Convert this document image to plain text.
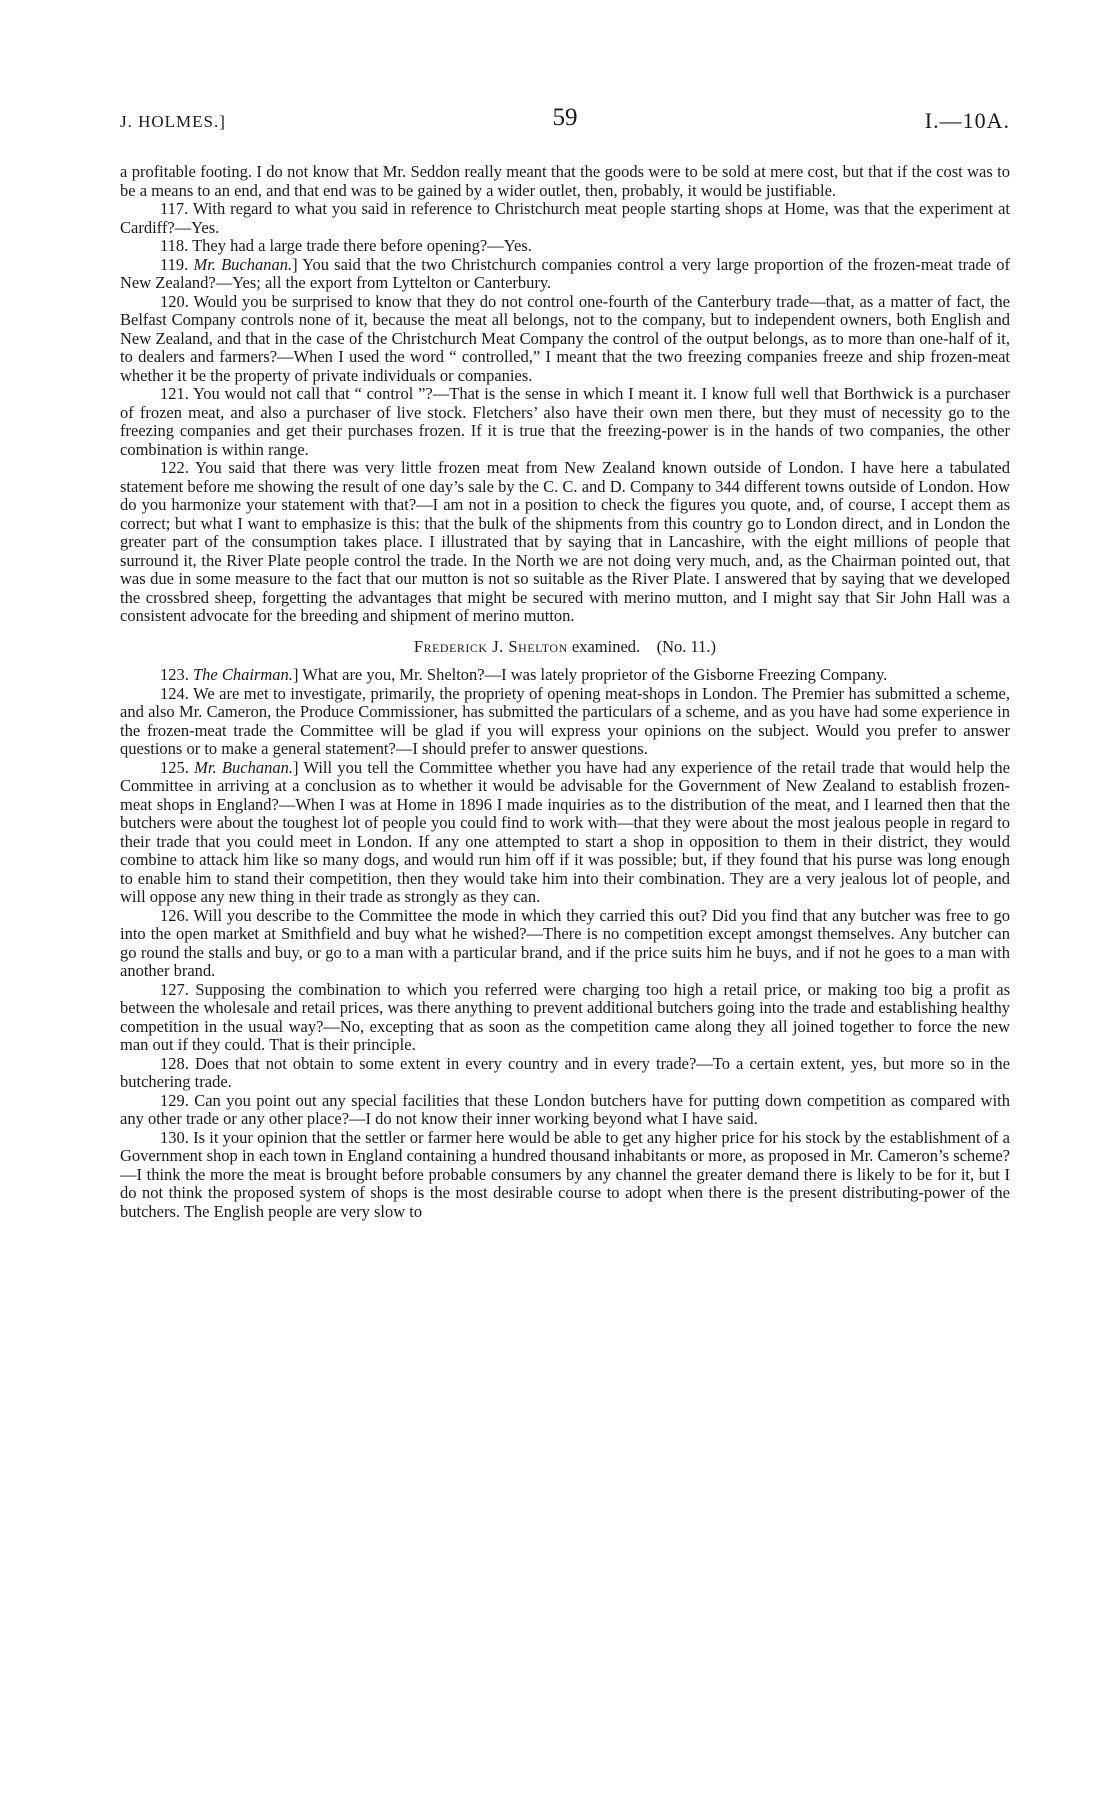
J. HOLMES.]	59	I.—10A.

a profitable footing. I do not know that Mr. Seddon really meant that the goods were to be sold at mere cost, but that if the cost was to be a means to an end, and that end was to be gained by a wider outlet, then, probably, it would be justifiable.

117. With regard to what you said in reference to Christchurch meat people starting shops at Home, was that the experiment at Cardiff?—Yes.

118. They had a large trade there before opening?—Yes.

119. Mr. Buchanan.] You said that the two Christchurch companies control a very large proportion of the frozen-meat trade of New Zealand?—Yes; all the export from Lyttelton or Canterbury.

120. Would you be surprised to know that they do not control one-fourth of the Canterbury trade—that, as a matter of fact, the Belfast Company controls none of it, because the meat all belongs, not to the company, but to independent owners, both English and New Zealand, and that in the case of the Christchurch Meat Company the control of the output belongs, as to more than one-half of it, to dealers and farmers?—When I used the word “ controlled,” I meant that the two freezing companies freeze and ship frozen-meat whether it be the property of private individuals or companies.

121. You would not call that “ control ”?—That is the sense in which I meant it. I know full well that Borthwick is a purchaser of frozen meat, and also a purchaser of live stock. Fletchers’ also have their own men there, but they must of necessity go to the freezing companies and get their purchases frozen. If it is true that the freezing-power is in the hands of two companies, the other combination is within range.

122. You said that there was very little frozen meat from New Zealand known outside of London. I have here a tabulated statement before me showing the result of one day’s sale by the C. C. and D. Company to 344 different towns outside of London. How do you harmonize your statement with that?—I am not in a position to check the figures you quote, and, of course, I accept them as correct; but what I want to emphasize is this: that the bulk of the shipments from this country go to London direct, and in London the greater part of the consumption takes place. I illustrated that by saying that in Lancashire, with the eight millions of people that surround it, the River Plate people control the trade. In the North we are not doing very much, and, as the Chairman pointed out, that was due in some measure to the fact that our mutton is not so suitable as the River Plate. I answered that by saying that we developed the crossbred sheep, forgetting the advantages that might be secured with merino mutton, and I might say that Sir John Hall was a consistent advocate for the breeding and shipment of merino mutton.

Frederick J. Shelton examined. (No. 11.)

123. The Chairman.] What are you, Mr. Shelton?—I was lately proprietor of the Gisborne Freezing Company.

124. We are met to investigate, primarily, the propriety of opening meat-shops in London. The Premier has submitted a scheme, and also Mr. Cameron, the Produce Commissioner, has submitted the particulars of a scheme, and as you have had some experience in the frozen-meat trade the Committee will be glad if you will express your opinions on the subject. Would you prefer to answer questions or to make a general statement?—I should prefer to answer questions.

125. Mr. Buchanan.] Will you tell the Committee whether you have had any experience of the retail trade that would help the Committee in arriving at a conclusion as to whether it would be advisable for the Government of New Zealand to establish frozen-meat shops in England?—When I was at Home in 1896 I made inquiries as to the distribution of the meat, and I learned then that the butchers were about the toughest lot of people you could find to work with—that they were about the most jealous people in regard to their trade that you could meet in London. If any one attempted to start a shop in opposition to them in their district, they would combine to attack him like so many dogs, and would run him off if it was possible; but, if they found that his purse was long enough to enable him to stand their competition, then they would take him into their combination. They are a very jealous lot of people, and will oppose any new thing in their trade as strongly as they can.

126. Will you describe to the Committee the mode in which they carried this out? Did you find that any butcher was free to go into the open market at Smithfield and buy what he wished?—There is no competition except amongst themselves. Any butcher can go round the stalls and buy, or go to a man with a particular brand, and if the price suits him he buys, and if not he goes to a man with another brand.

127. Supposing the combination to which you referred were charging too high a retail price, or making too big a profit as between the wholesale and retail prices, was there anything to prevent additional butchers going into the trade and establishing healthy competition in the usual way?—No, excepting that as soon as the competition came along they all joined together to force the new man out if they could. That is their principle.

128. Does that not obtain to some extent in every country and in every trade?—To a certain extent, yes, but more so in the butchering trade.

129. Can you point out any special facilities that these London butchers have for putting down competition as compared with any other trade or any other place?—I do not know their inner working beyond what I have said.

130. Is it your opinion that the settler or farmer here would be able to get any higher price for his stock by the establishment of a Government shop in each town in England containing a hundred thousand inhabitants or more, as proposed in Mr. Cameron’s scheme?—I think the more the meat is brought before probable consumers by any channel the greater demand there is likely to be for it, but I do not think the proposed system of shops is the most desirable course to adopt when there is the present distributing-power of the butchers. The English people are very slow to
